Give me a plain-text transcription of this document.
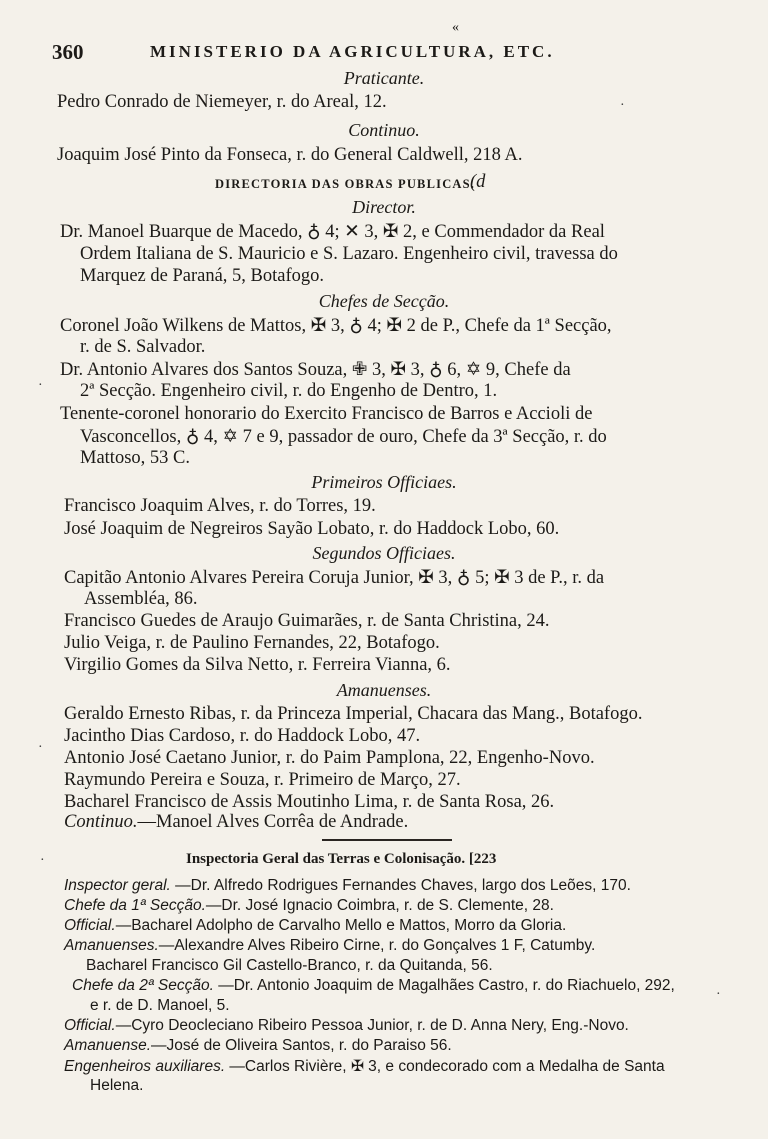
360	MINISTERIO DA AGRICULTURA, ETC.
«
Praticante.
Pedro Conrado de Niemeyer, r. do Areal, 12.
Continuo.
Joaquim José Pinto da Fonseca, r. do General Caldwell, 218 A.
DIRECTORIA DAS OBRAS PUBLICAS.
(d
Director.
Dr. Manoel Buarque de Macedo, ♁ 4; ✕ 3, ✠ 2, e Commendador da Real
Ordem Italiana de S. Mauricio e S. Lazaro. Engenheiro civil, travessa do
Marquez de Paraná, 5, Botafogo.
Chefes de Secção.
Coronel João Wilkens de Mattos, ✠ 3, ♁ 4; ✠ 2 de P., Chefe da 1ª Secção,
r. de S. Salvador.
Dr. Antonio Alvares dos Santos Souza, ✙ 3, ✠ 3, ♁ 6, ✡ 9, Chefe da
2ª Secção. Engenheiro civil, r. do Engenho de Dentro, 1.
Tenente-coronel honorario do Exercito Francisco de Barros e Accioli de
Vasconcellos, ♁ 4, ✡ 7 e 9, passador de ouro, Chefe da 3ª Secção, r. do
Mattoso, 53 C.
Primeiros Officiaes.
Francisco Joaquim Alves, r. do Torres, 19.
José Joaquim de Negreiros Sayão Lobato, r. do Haddock Lobo, 60.
Segundos Officiaes.
Capitão Antonio Alvares Pereira Coruja Junior, ✠ 3, ♁ 5; ✠ 3 de P., r. da
Assembléa, 86.
Francisco Guedes de Araujo Guimarães, r. de Santa Christina, 24.
Julio Veiga, r. de Paulino Fernandes, 22, Botafogo.
Virgilio Gomes da Silva Netto, r. Ferreira Vianna, 6.
Amanuenses.
Geraldo Ernesto Ribas, r. da Princeza Imperial, Chacara das Mang., Botafogo.
Jacintho Dias Cardoso, r. do Haddock Lobo, 47.
Antonio José Caetano Junior, r. do Paim Pamplona, 22, Engenho-Novo.
Raymundo Pereira e Souza, r. Primeiro de Março, 27.
Bacharel Francisco de Assis Moutinho Lima, r. de Santa Rosa, 26.
Continuo.—Manoel Alves Corrêa de Andrade.
Inspectoria Geral das Terras e Colonisação. [223
Inspector geral. —Dr. Alfredo Rodrigues Fernandes Chaves, largo dos Leões, 170.
Chefe da 1ª Secção.—Dr. José Ignacio Coimbra, r. de S. Clemente, 28.
Official.—Bacharel Adolpho de Carvalho Mello e Mattos, Morro da Gloria.
Amanuenses.—Alexandre Alves Ribeiro Cirne, r. do Gonçalves 1 F, Catumby.
Bacharel Francisco Gil Castello-Branco, r. da Quitanda, 56.
Chefe da 2ª Secção. —Dr. Antonio Joaquim de Magalhães Castro, r. do Riachuelo, 292,
e r. de D. Manoel, 5.
Official.—Cyro Deocleciano Ribeiro Pessoa Junior, r. de D. Anna Nery, Eng.-Novo.
Amanuense.—José de Oliveira Santos, r. do Paraiso 56.
Engenheiros auxiliares. —Carlos Rivière, ✠ 3, e condecorado com a Medalha de Santa
Helena.
·
·
·
·
·
